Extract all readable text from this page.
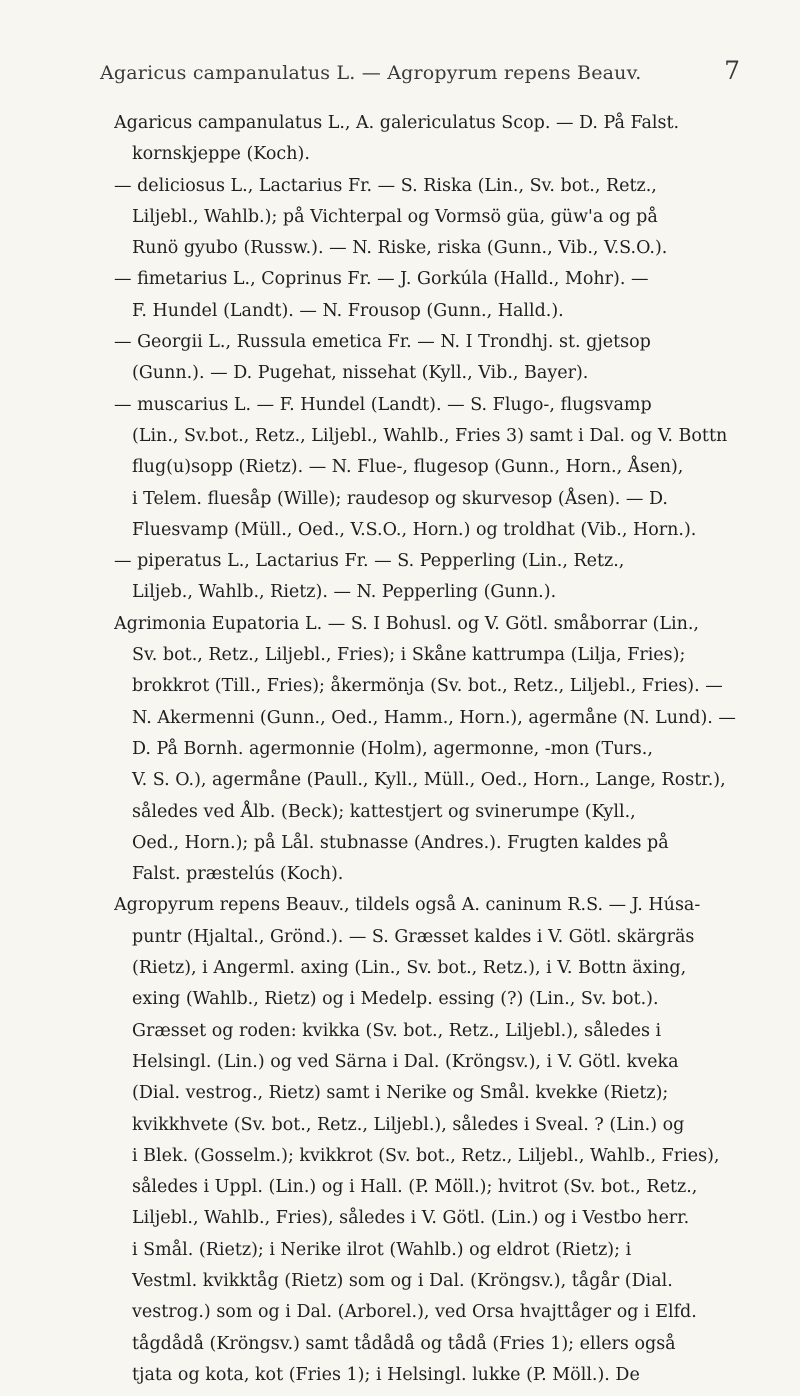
Agaricus campanulatus L. — Agropyrum repens Beauv.	7
Agaricus campanulatus L., A. galericulatus Scop. — D. På Falst.
kornskjeppe (Koch).
— deliciosus L., Lactarius Fr. — S. Riska (Lin., Sv. bot., Retz.,
Liljebl., Wahlb.); på Vichterpal og Vormsö güa, güw'a og på
Runö gyubo (Russw.). — N. Riske, riska (Gunn., Vib., V.S.O.).
— fimetarius L., Coprinus Fr. — J. Gorkúla (Halld., Mohr). —
F. Hundel (Landt). — N. Frousop (Gunn., Halld.).
— Georgii L., Russula emetica Fr. — N. I Trondhj. st. gjetsop
(Gunn.). — D. Pugehat, nissehat (Kyll., Vib., Bayer).
— muscarius L. — F. Hundel (Landt). — S. Flugo-, flugsvamp
(Lin., Sv.bot., Retz., Liljebl., Wahlb., Fries 3) samt i Dal. og V. Bottn
flug(u)sopp (Rietz). — N. Flue-, flugesop (Gunn., Horn., Åsen),
i Telem. fluesåp (Wille); raudesop og skurvesop (Åsen). — D.
Fluesvamp (Müll., Oed., V.S.O., Horn.) og troldhat (Vib., Horn.).
— piperatus L., Lactarius Fr. — S. Pepperling (Lin., Retz.,
Liljeb., Wahlb., Rietz). — N. Pepperling (Gunn.).
Agrimonia Eupatoria L. — S. I Bohusl. og V. Götl. småborrar (Lin.,
Sv. bot., Retz., Liljebl., Fries); i Skåne kattrumpa (Lilja, Fries);
brokkrot (Till., Fries); åkermönja (Sv. bot., Retz., Liljebl., Fries). —
N. Akermenni (Gunn., Oed., Hamm., Horn.), agermåne (N. Lund). —
D. På Bornh. agermonnie (Holm), agermonne, -mon (Turs.,
V. S. O.), agermåne (Paull., Kyll., Müll., Oed., Horn., Lange, Rostr.),
således ved Ålb. (Beck); kattestjert og svinerumpe (Kyll.,
Oed., Horn.); på Lål. stubnasse (Andres.). Frugten kaldes på
Falst. præstelús (Koch).
Agropyrum repens Beauv., tildels også A. caninum R.S. — J. Húsa-
puntr (Hjaltal., Grönd.). — S. Græsset kaldes i V. Götl. skärgräs
(Rietz), i Angerml. axing (Lin., Sv. bot., Retz.), i V. Bottn äxing,
exing (Wahlb., Rietz) og i Medelp. essing (?) (Lin., Sv. bot.).
Græsset og roden: kvikka (Sv. bot., Retz., Liljebl.), således i
Helsingl. (Lin.) og ved Särna i Dal. (Kröngsv.), i V. Götl. kveka
(Dial. vestrog., Rietz) samt i Nerike og Smål. kvekke (Rietz);
kvikkhvete (Sv. bot., Retz., Liljebl.), således i Sveal. ? (Lin.) og
i Blek. (Gosselm.); kvikkrot (Sv. bot., Retz., Liljebl., Wahlb., Fries),
således i Uppl. (Lin.) og i Hall. (P. Möll.); hvitrot (Sv. bot., Retz.,
Liljebl., Wahlb., Fries), således i V. Götl. (Lin.) og i Vestbo herr.
i Smål. (Rietz); i Nerike ilrot (Wahlb.) og eldrot (Rietz); i
Vestml. kvikktåg (Rietz) som og i Dal. (Kröngsv.), tågår (Dial.
vestrog.) som og i Dal. (Arborel.), ved Orsa hvajttåger og i Elfd.
tågdådå (Kröngsv.) samt tådådå og tådå (Fries 1); ellers også
tjata og kota, kot (Fries 1); i Helsingl. lukke (P. Möll.). De
